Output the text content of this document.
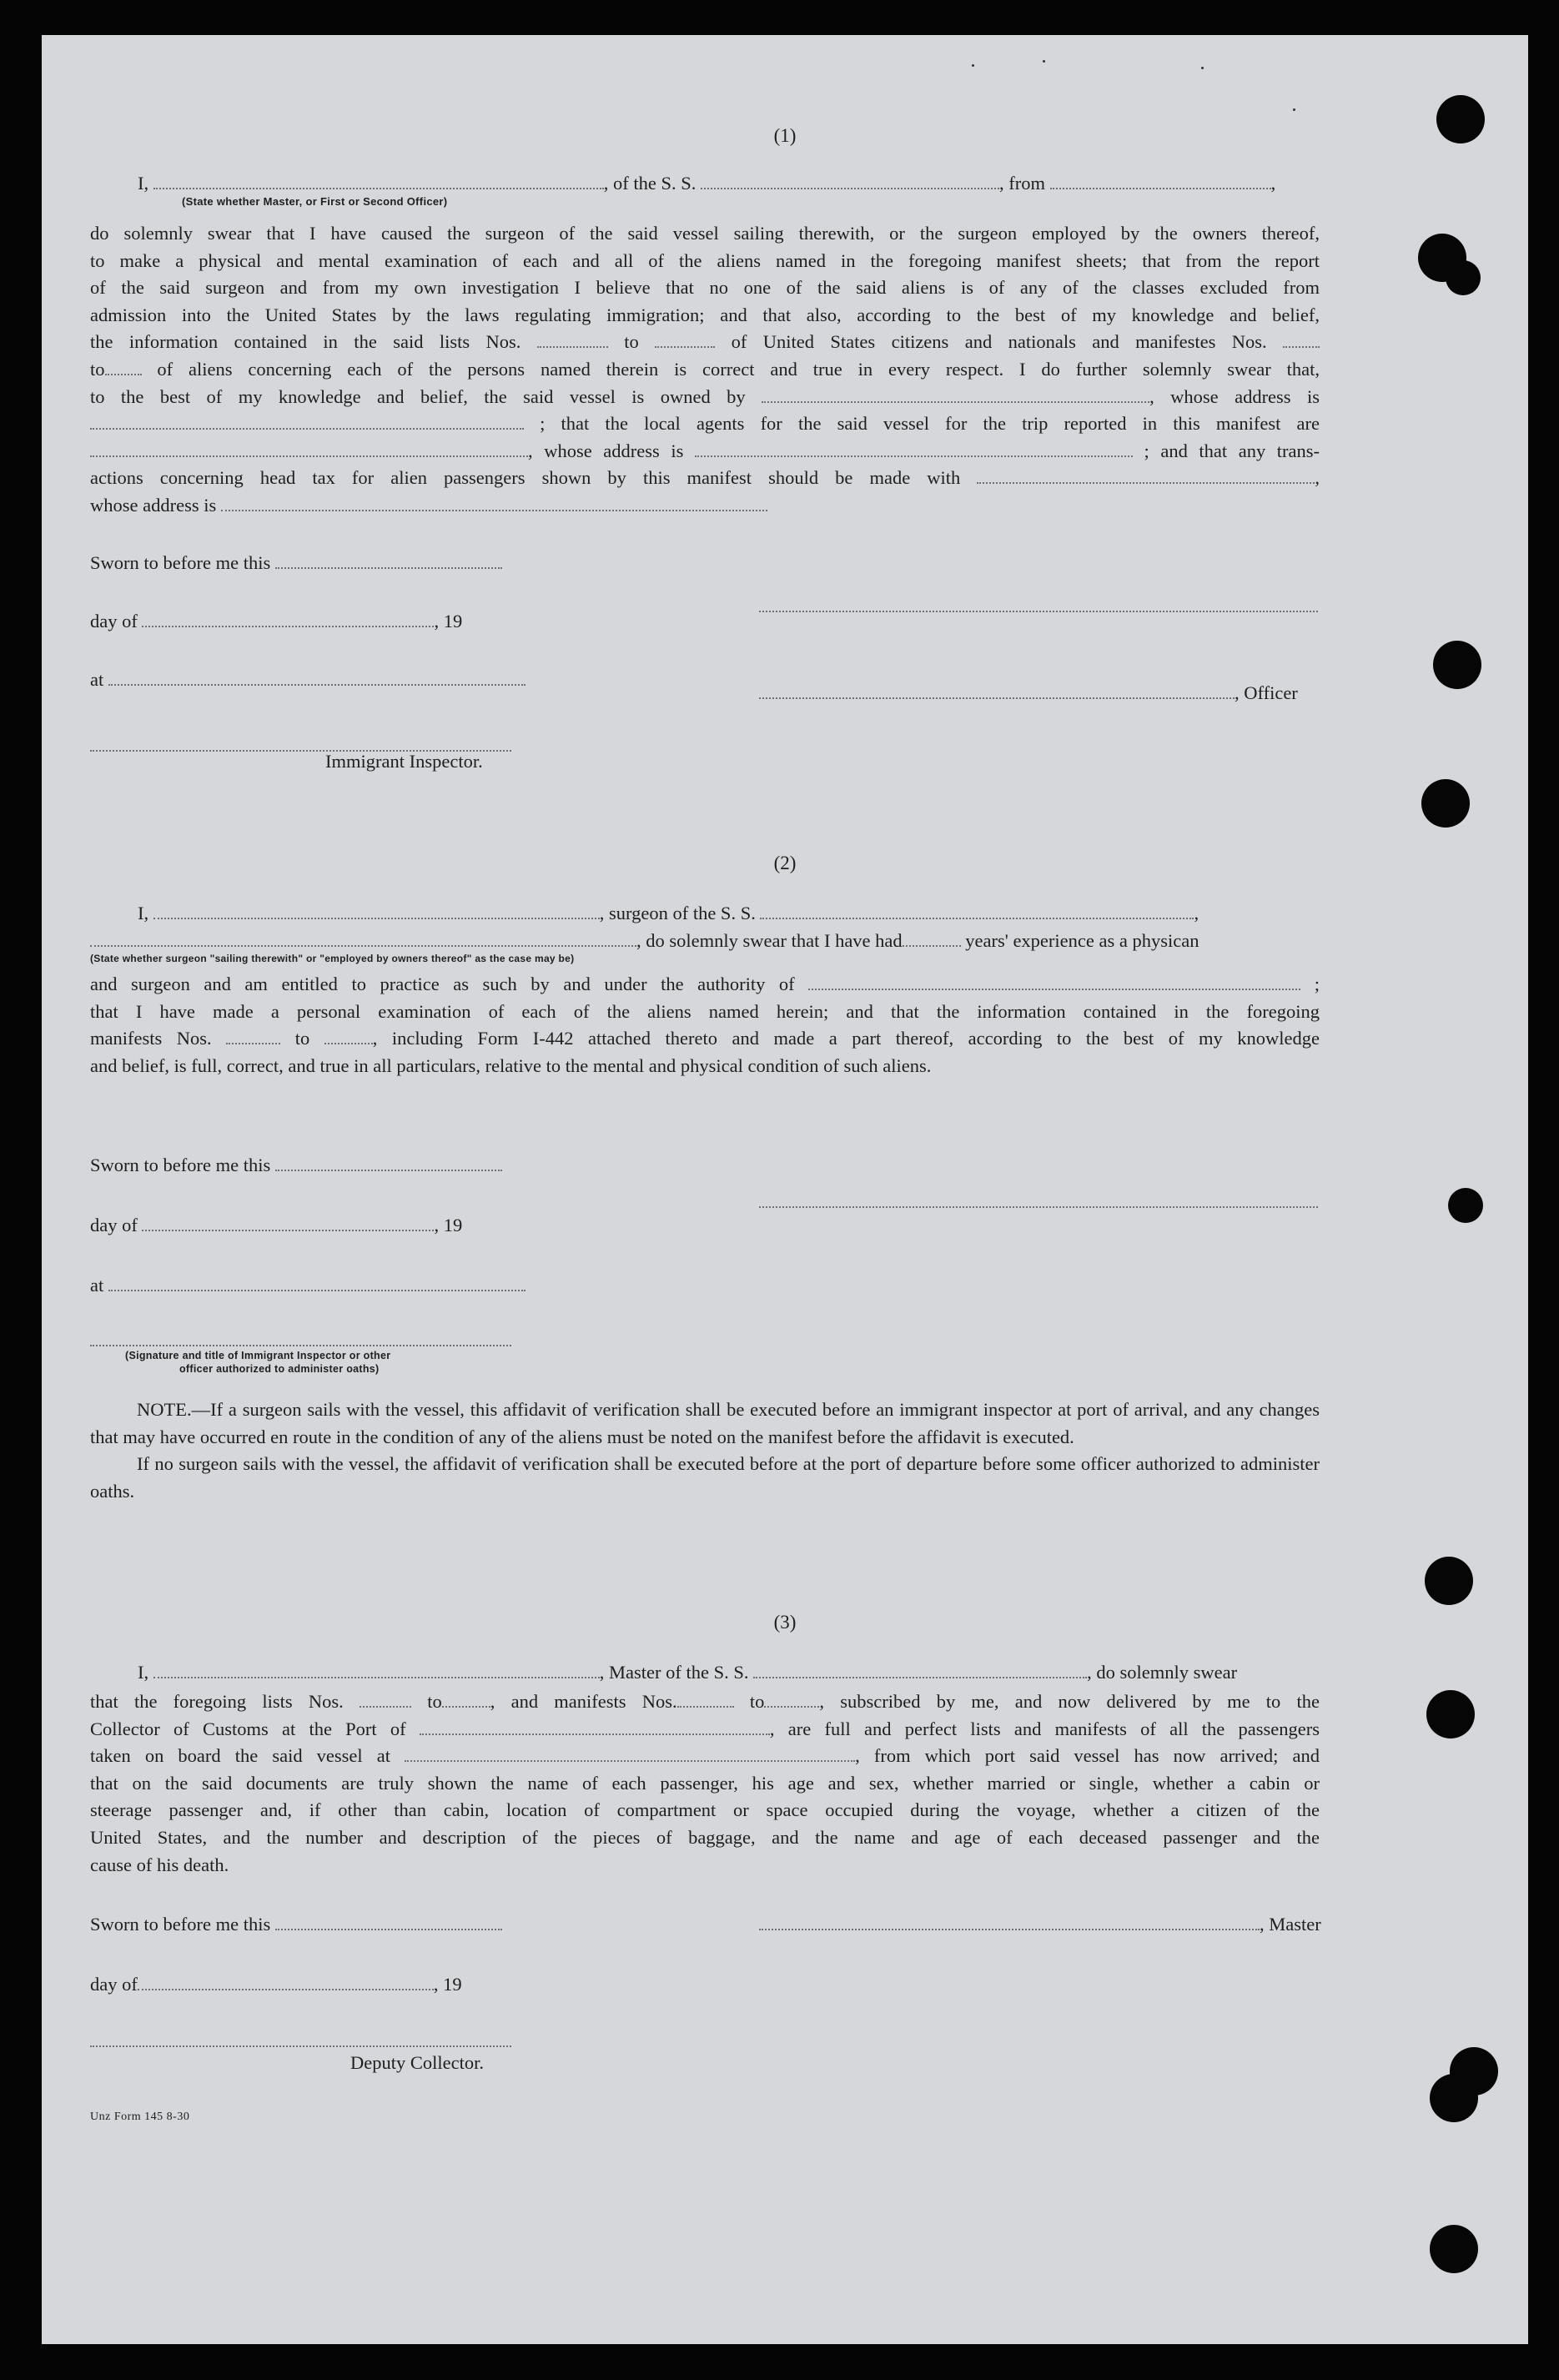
(1)
I,	, of the S. S.	, from	,
(State whether Master, or First or Second Officer)
do solemnly swear that I have caused the surgeon of the said vessel sailing therewith, or the surgeon employed by the owners thereof,
to make a physical and mental examination of each and all of the aliens named in the foregoing manifest sheets; that from the report
of the said surgeon and from my own investigation I believe that no one of the said aliens is of any of the classes excluded from
admission into the United States by the laws regulating immigration; and that also, according to the best of my knowledge and belief,
the information contained in the said lists Nos.	to	of United States citizens and nationals and manifestes Nos.
to	of aliens concerning each of the persons named therein is correct and true in every respect. I do further solemnly swear that,
to the best of my knowledge and belief, the said vessel is owned by	, whose address is
; that the local agents for the said vessel for the trip reported in this manifest are
, whose address is	; and that any trans-
actions concerning head tax for alien passengers shown by this manifest should be made with	,
whose address is
Sworn to before me this
day of	, 19
at
, Officer
Immigrant Inspector.
(2)
I,	, surgeon of the S. S.	,
, do solemnly swear that I have had	years' experience as a physican
(State whether surgeon "sailing therewith" or "employed by owners thereof" as the case may be)
and surgeon and am entitled to practice as such by and under the authority of	;
that I have made a personal examination of each of the aliens named herein; and that the information contained in the foregoing
manifests Nos.	to	, including Form I-442 attached thereto and made a part thereof, according to the best of my knowledge
and belief, is full, correct, and true in all particulars, relative to the mental and physical condition of such aliens.
Sworn to before me this
day of	, 19
at
(Signature and title of Immigrant Inspector or other
officer authorized to administer oaths)

NOTE.—If a surgeon sails with the vessel, this affidavit of verification shall be executed before an immigrant inspector at port of arrival, and any changes that may have occurred en route in the condition of any of the aliens must be noted on the manifest before the affidavit is executed.

If no surgeon sails with the vessel, the affidavit of verification shall be executed before at the port of departure before some officer authorized to administer oaths.

(3)
I,	, Master of the S. S.	, do solemnly swear
that the foregoing lists Nos.	to	, and manifests Nos.	to	, subscribed by me, and now delivered by me to the
Collector of Customs at the Port of	, are full and perfect lists and manifests of all the passengers
taken on board the said vessel at	, from which port said vessel has now arrived; and
that on the said documents are truly shown the name of each passenger, his age and sex, whether married or single, whether a cabin or
steerage passenger and, if other than cabin, location of compartment or space occupied during the voyage, whether a citizen of the
United States, and the number and description of the pieces of baggage, and the name and age of each deceased passenger and the
cause of his death.
Sworn to before me this	, Master
day of	, 19
Deputy Collector.
Unz Form 145 8-30
